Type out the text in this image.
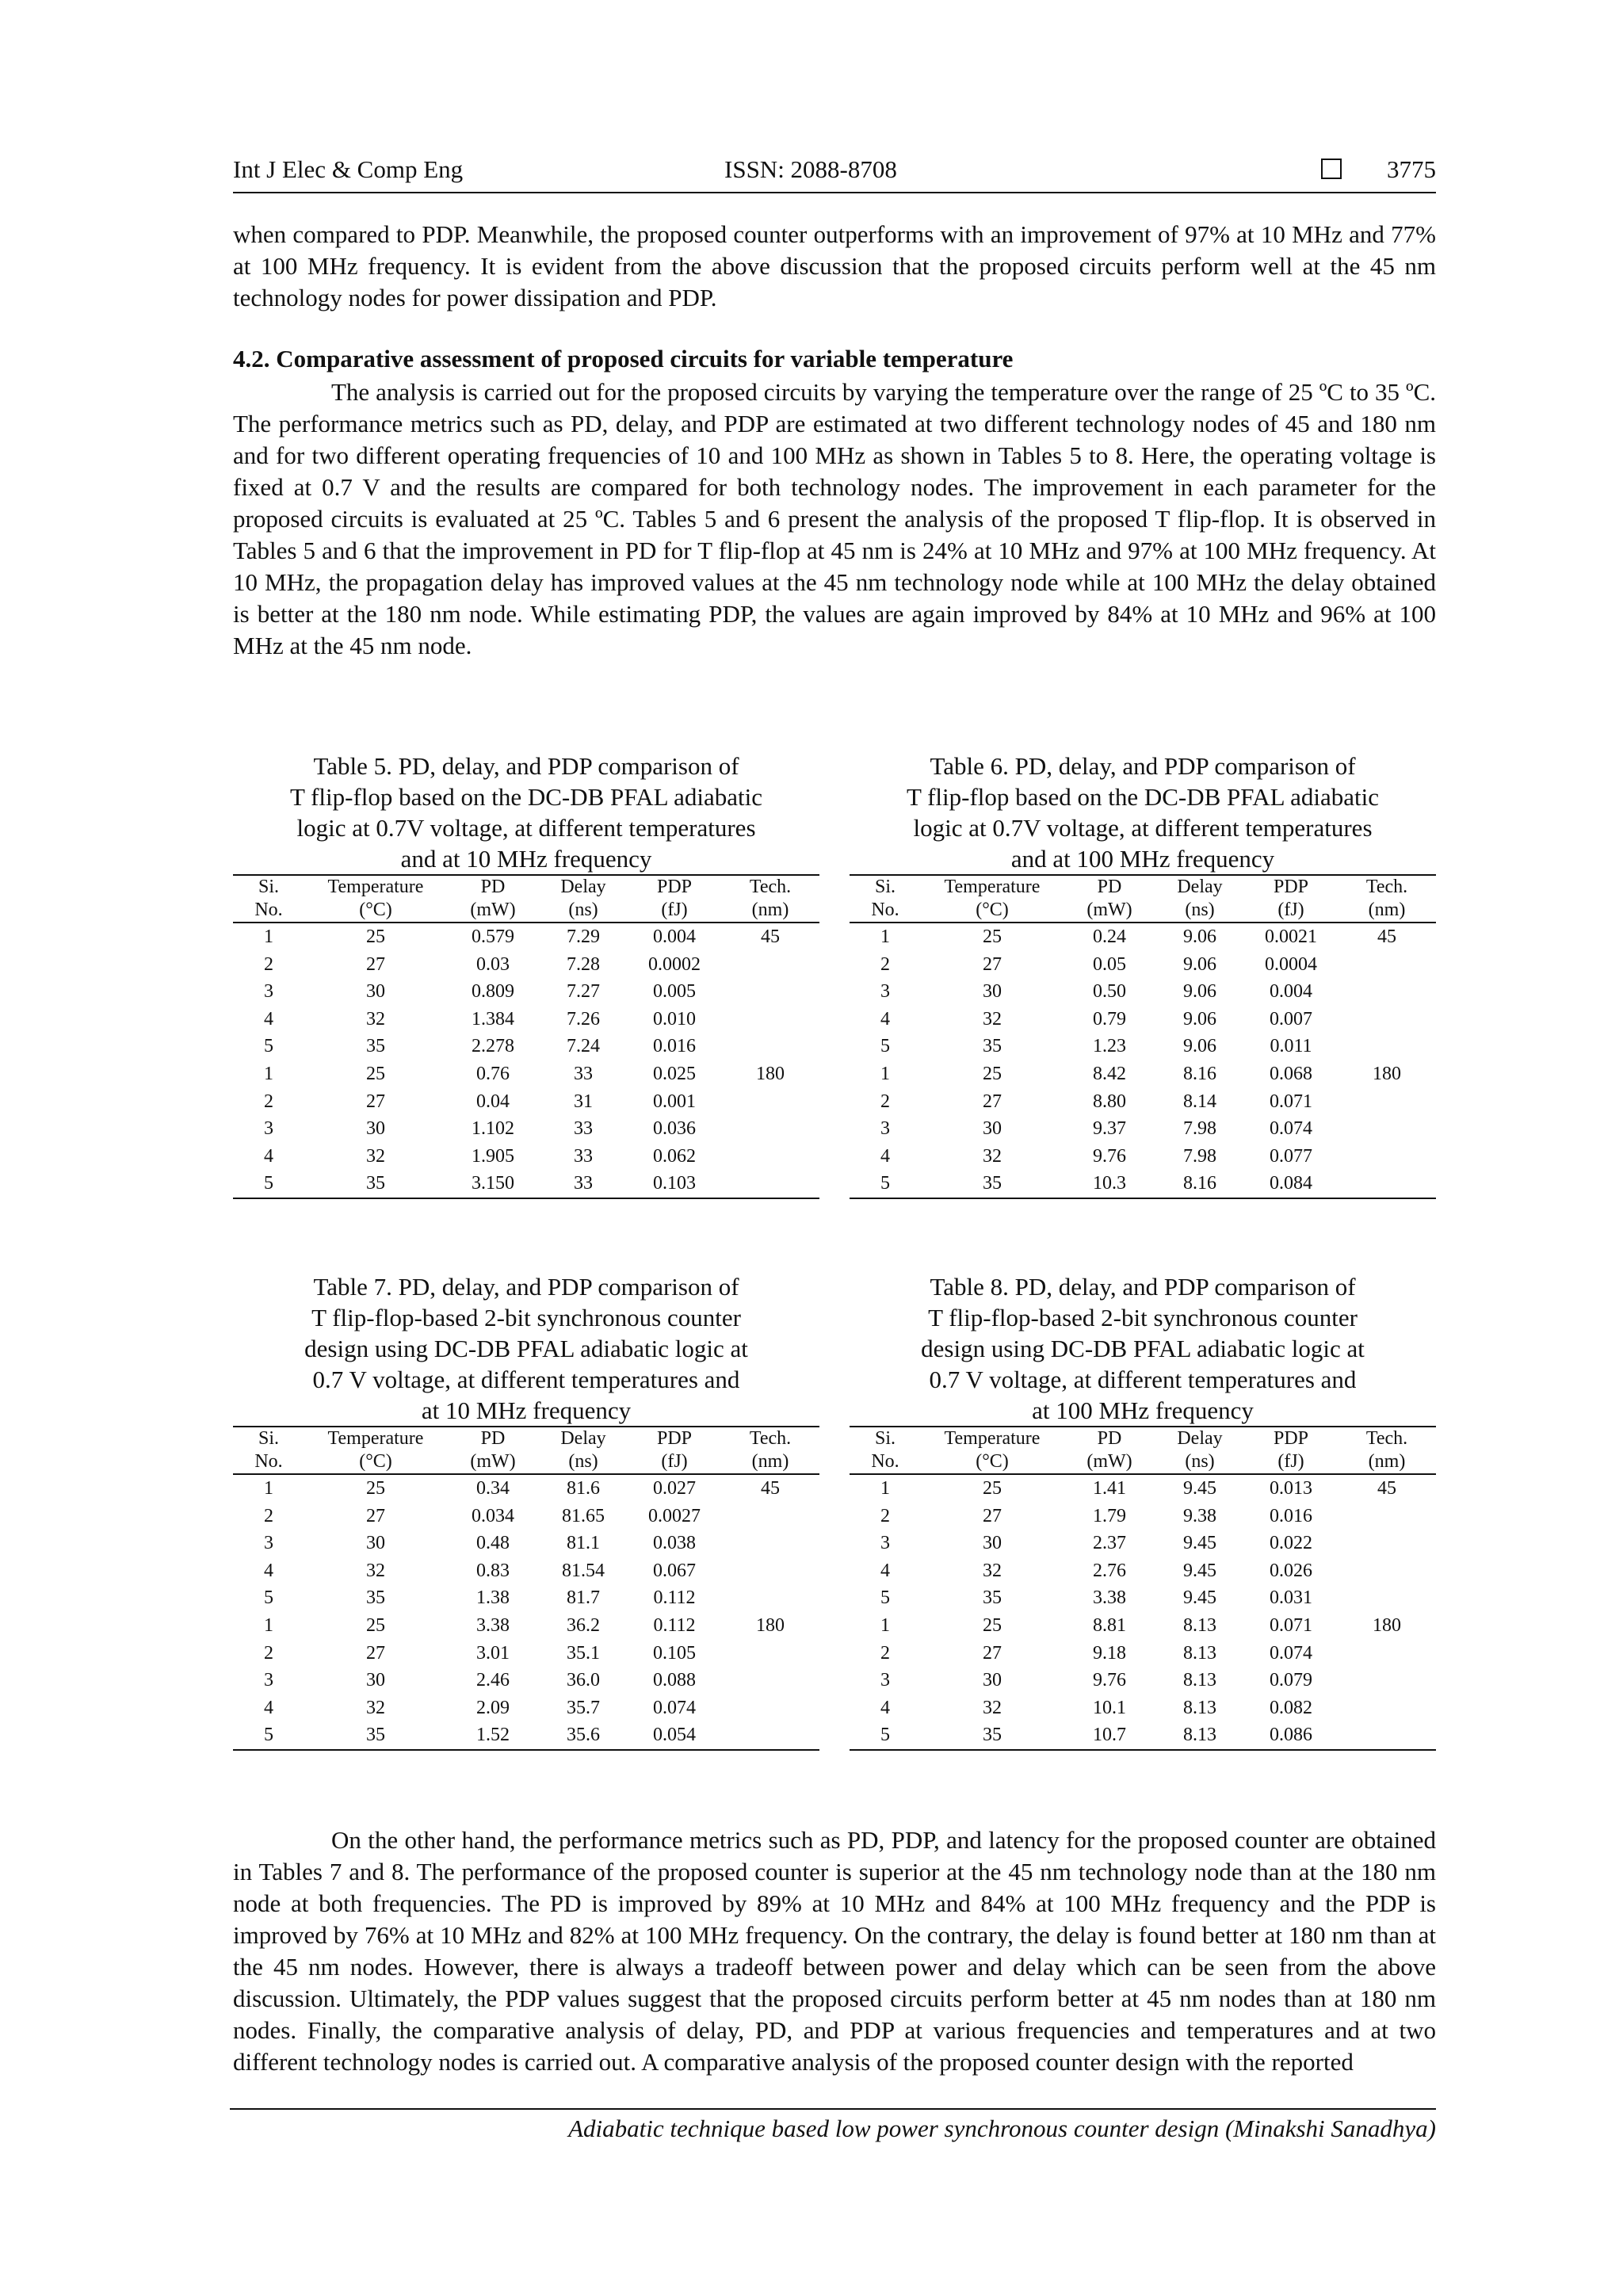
Int J Elec & Comp Eng	ISSN: 2088-8708	3775

when compared to PDP. Meanwhile, the proposed counter outperforms with an improvement of 97% at 10 MHz and 77% at 100 MHz frequency. It is evident from the above discussion that the proposed circuits perform well at the 45 nm technology nodes for power dissipation and PDP.

4.2. Comparative assessment of proposed circuits for variable temperature

The analysis is carried out for the proposed circuits by varying the temperature over the range of 25 ºC to 35 ºC. The performance metrics such as PD, delay, and PDP are estimated at two different technology nodes of 45 and 180 nm and for two different operating frequencies of 10 and 100 MHz as shown in Tables 5 to 8. Here, the operating voltage is fixed at 0.7 V and the results are compared for both technology nodes. The improvement in each parameter for the proposed circuits is evaluated at 25 ºC. Tables 5 and 6 present the analysis of the proposed T flip-flop. It is observed in Tables 5 and 6 that the improvement in PD for T flip-flop at 45 nm is 24% at 10 MHz and 97% at 100 MHz frequency. At 10 MHz, the propagation delay has improved values at the 45 nm technology node while at 100 MHz the delay obtained is better at the 180 nm node. While estimating PDP, the values are again improved by 84% at 10 MHz and 96% at 100 MHz at the 45 nm node.

Table 5. PD, delay, and PDP comparison of
T flip-flop based on the DC-DB PFAL adiabatic
logic at 0.7V voltage, at different temperatures
and at 10 MHz frequency
Si.	Temperature	PD	Delay	PDP	Tech.
No.	(°C)	(mW)	(ns)	(fJ)	(nm)
1	25	0.579	7.29	0.004	45
2	27	0.03	7.28	0.0002	
3	30	0.809	7.27	0.005	
4	32	1.384	7.26	0.010	
5	35	2.278	7.24	0.016	
1	25	0.76	33	0.025	180
2	27	0.04	31	0.001	
3	30	1.102	33	0.036	
4	32	1.905	33	0.062	
5	35	3.150	33	0.103	
Table 6. PD, delay, and PDP comparison of
T flip-flop based on the DC-DB PFAL adiabatic
logic at 0.7V voltage, at different temperatures
and at 100 MHz frequency
Si.	Temperature	PD	Delay	PDP	Tech.
No.	(°C)	(mW)	(ns)	(fJ)	(nm)
1	25	0.24	9.06	0.0021	45
2	27	0.05	9.06	0.0004	
3	30	0.50	9.06	0.004	
4	32	0.79	9.06	0.007	
5	35	1.23	9.06	0.011	
1	25	8.42	8.16	0.068	180
2	27	8.80	8.14	0.071	
3	30	9.37	7.98	0.074	
4	32	9.76	7.98	0.077	
5	35	10.3	8.16	0.084	
Table 7. PD, delay, and PDP comparison of
T flip-flop-based 2-bit synchronous counter
design using DC-DB PFAL adiabatic logic at
0.7 V voltage, at different temperatures and
at 10 MHz frequency
Si.	Temperature	PD	Delay	PDP	Tech.
No.	(°C)	(mW)	(ns)	(fJ)	(nm)
1	25	0.34	81.6	0.027	45
2	27	0.034	81.65	0.0027	
3	30	0.48	81.1	0.038	
4	32	0.83	81.54	0.067	
5	35	1.38	81.7	0.112	
1	25	3.38	36.2	0.112	180
2	27	3.01	35.1	0.105	
3	30	2.46	36.0	0.088	
4	32	2.09	35.7	0.074	
5	35	1.52	35.6	0.054	
Table 8. PD, delay, and PDP comparison of
T flip-flop-based 2-bit synchronous counter
design using DC-DB PFAL adiabatic logic at
0.7 V voltage, at different temperatures and
at 100 MHz frequency
Si.	Temperature	PD	Delay	PDP	Tech.
No.	(°C)	(mW)	(ns)	(fJ)	(nm)
1	25	1.41	9.45	0.013	45
2	27	1.79	9.38	0.016	
3	30	2.37	9.45	0.022	
4	32	2.76	9.45	0.026	
5	35	3.38	9.45	0.031	
1	25	8.81	8.13	0.071	180
2	27	9.18	8.13	0.074	
3	30	9.76	8.13	0.079	
4	32	10.1	8.13	0.082	
5	35	10.7	8.13	0.086	

On the other hand, the performance metrics such as PD, PDP, and latency for the proposed counter are obtained in Tables 7 and 8. The performance of the proposed counter is superior at the 45 nm technology node than at the 180 nm node at both frequencies. The PD is improved by 89% at 10 MHz and 84% at 100 MHz frequency and the PDP is improved by 76% at 10 MHz and 82% at 100 MHz frequency. On the contrary, the delay is found better at 180 nm than at the 45 nm nodes. However, there is always a tradeoff between power and delay which can be seen from the above discussion. Ultimately, the PDP values suggest that the proposed circuits perform better at 45 nm nodes than at 180 nm nodes. Finally, the comparative analysis of delay, PD, and PDP at various frequencies and temperatures and at two different technology nodes is carried out. A comparative analysis of the proposed counter design with the reported

Adiabatic technique based low power synchronous counter design (Minakshi Sanadhya)
